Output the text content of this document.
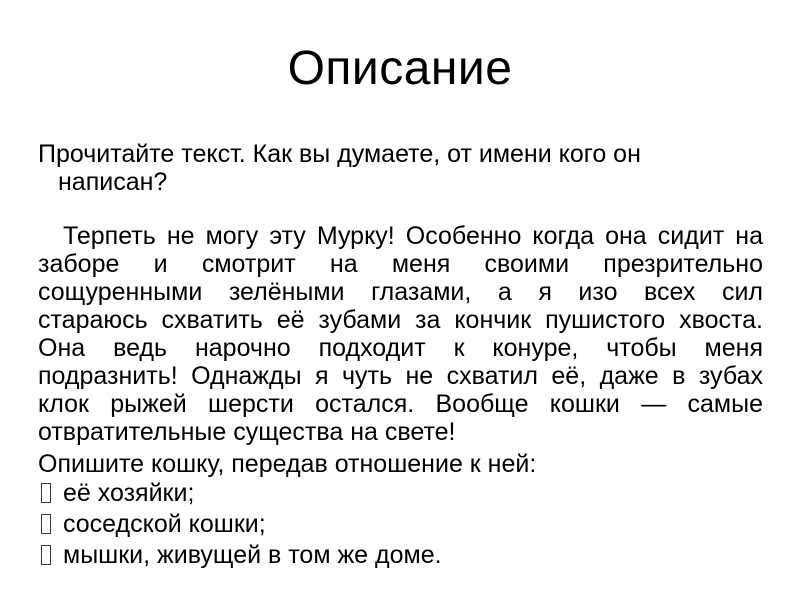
Описание
Прочитайте текст. Как вы думаете, от имени кого он
написан?
Терпеть не могу эту Мурку! Особенно когда она сидит на
заборе и смотрит на меня своими презрительно
сощуренными зелёными глазами, а я изо всех сил
стараюсь схватить её зубами за кончик пушистого хвоста.
Она ведь нарочно подходит к конуре, чтобы меня
подразнить! Однажды я чуть не схватил её, даже в зубах
клок рыжей шерсти остался. Вообще кошки — самые
отвратительные существа на свете!
Опишите кошку, передав отношение к ней:
её хозяйки;
соседской кошки;
мышки, живущей в том же доме.
